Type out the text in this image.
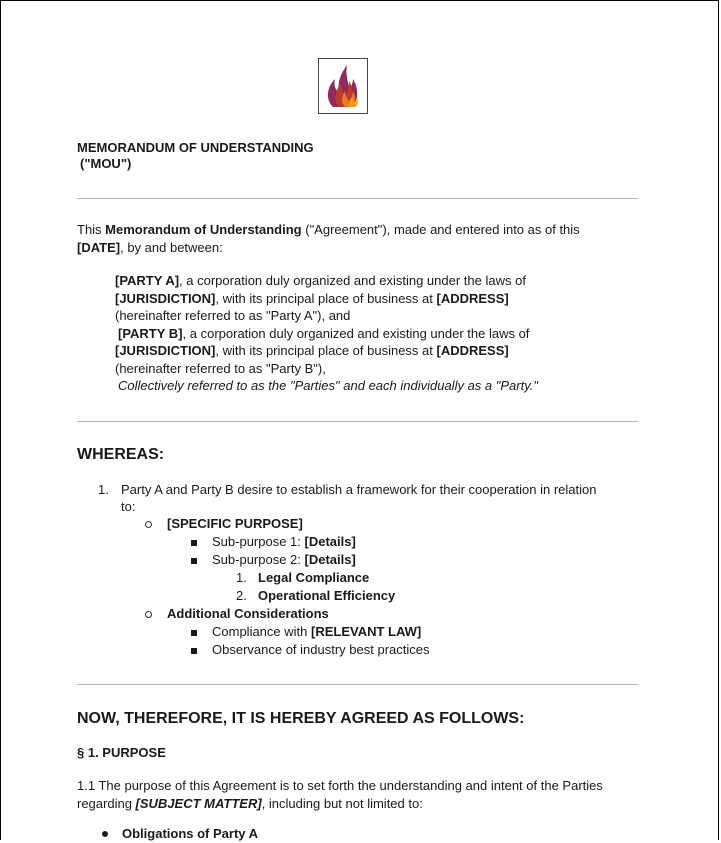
MEMORANDUM OF UNDERSTANDING
("MOU")
This Memorandum of Understanding ("Agreement"), made and entered into as of this
[DATE], by and between:
[PARTY A], a corporation duly organized and existing under the laws of
[JURISDICTION], with its principal place of business at [ADDRESS]
(hereinafter referred to as "Party A"), and
[PARTY B], a corporation duly organized and existing under the laws of
[JURISDICTION], with its principal place of business at [ADDRESS]
(hereinafter referred to as "Party B"),
Collectively referred to as the "Parties" and each individually as a "Party."
WHEREAS:
1. Party A and Party B desire to establish a framework for their cooperation in relation
to:
[SPECIFIC PURPOSE]
Sub-purpose 1: [Details]
Sub-purpose 2: [Details]
1. Legal Compliance
2. Operational Efficiency
Additional Considerations
Compliance with [RELEVANT LAW]
Observance of industry best practices
NOW, THEREFORE, IT IS HEREBY AGREED AS FOLLOWS:
§ 1. PURPOSE
1.1 The purpose of this Agreement is to set forth the understanding and intent of the Parties
regarding [SUBJECT MATTER], including but not limited to:
Obligations of Party A
